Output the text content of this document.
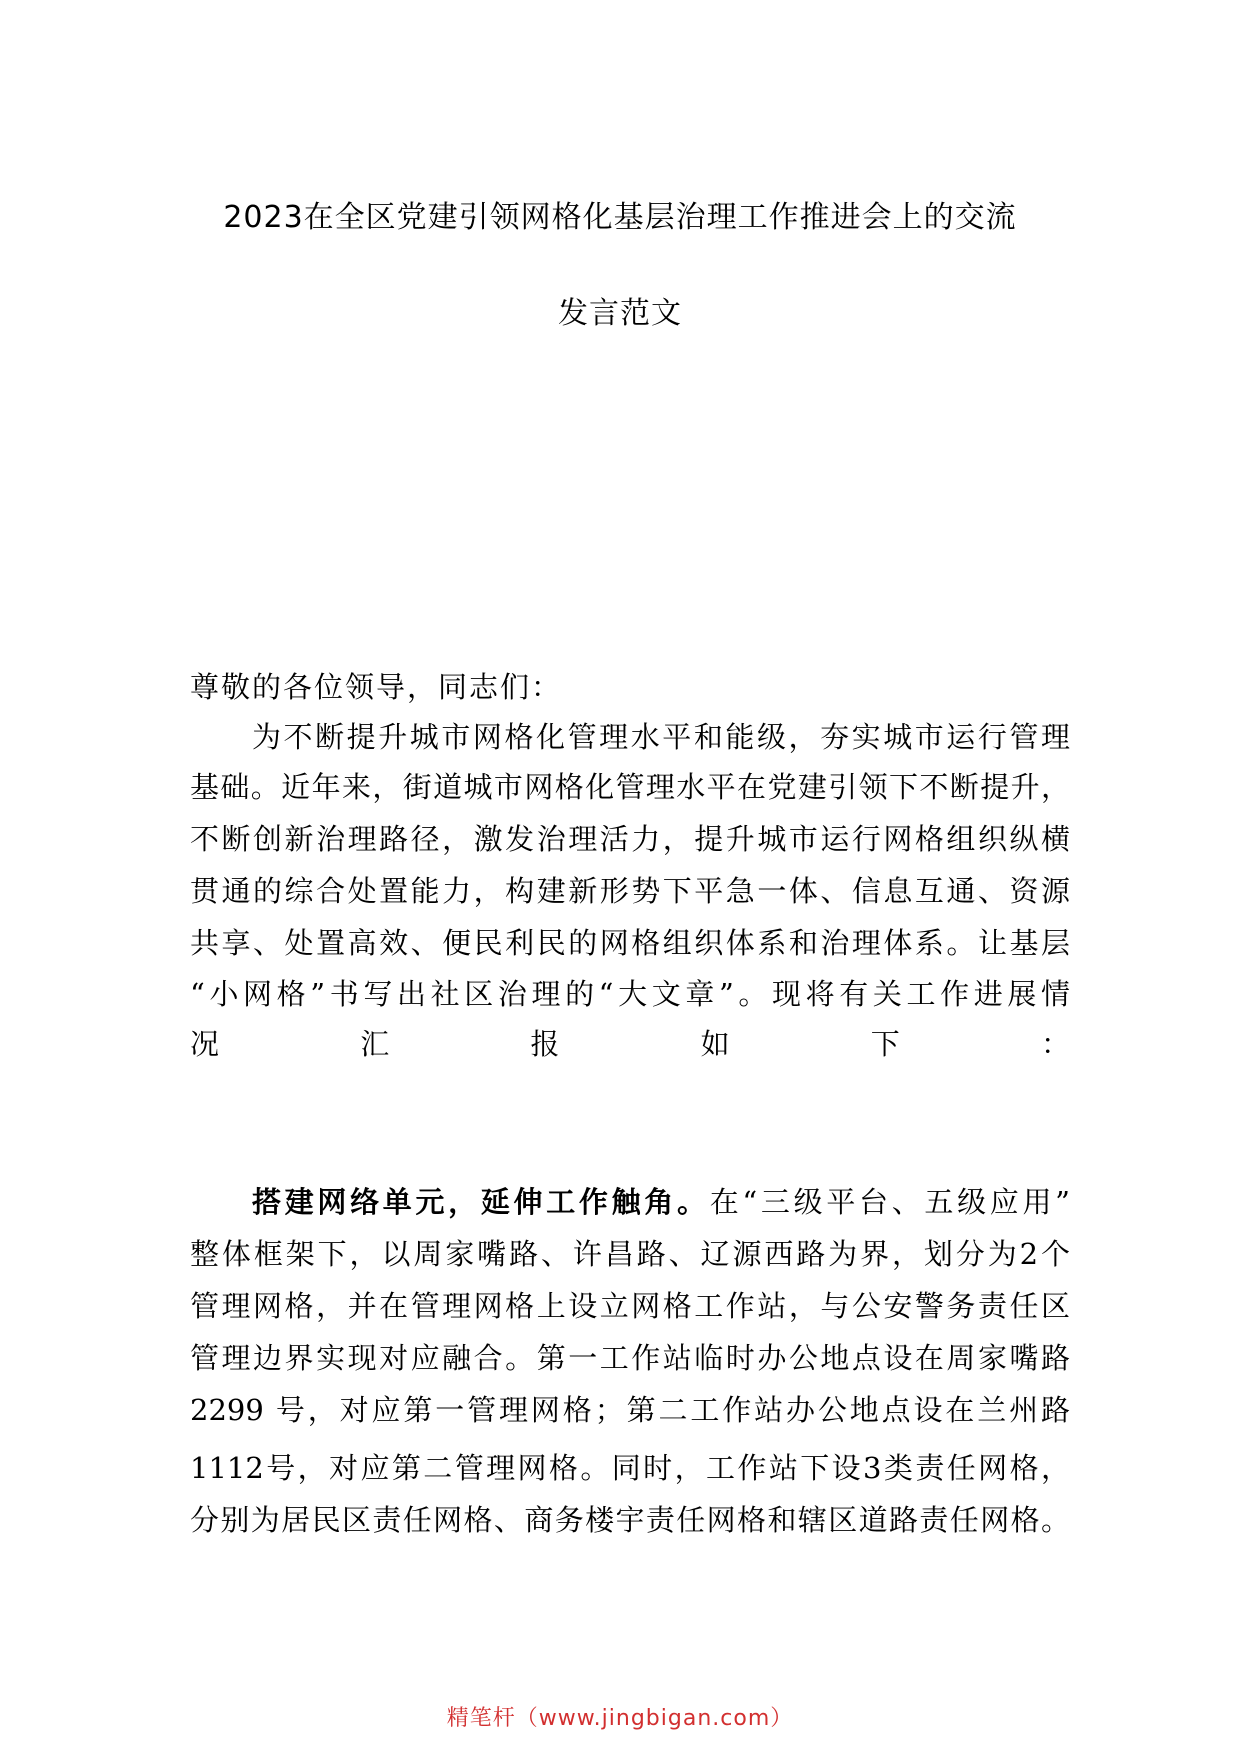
2023在全区党建引领网格化基层治理工作推进会上的交流
发言范文
尊敬的各位领导，同志们：
为不断提升城市网格化管理水平和能级，夯实城市运行管理
基础。近年来，街道城市网格化管理水平在党建引领下不断提升，
不断创新治理路径，激发治理活力，提升城市运行网格组织纵横
贯通的综合处置能力，构建新形势下平急一体、信息互通、资源
共享、处置高效、便民利民的网格组织体系和治理体系。让基层
“小网格”书写出社区治理的“大文章”。现将有关工作进展情
况汇报如下：
搭建网络单元，延伸工作触角。在“三级平台、五级应用”
整体框架下，以周家嘴路、许昌路、辽源西路为界，划分为2个
管理网格，并在管理网格上设立网格工作站，与公安警务责任区
管理边界实现对应融合。第一工作站临时办公地点设在周家嘴路
2299 号，对应第一管理网格；第二工作站办公地点设在兰州路
1112号，对应第二管理网格。同时，工作站下设3类责任网格，
分别为居民区责任网格、商务楼宇责任网格和辖区道路责任网格。
精笔杆（www.jingbigan.com）
